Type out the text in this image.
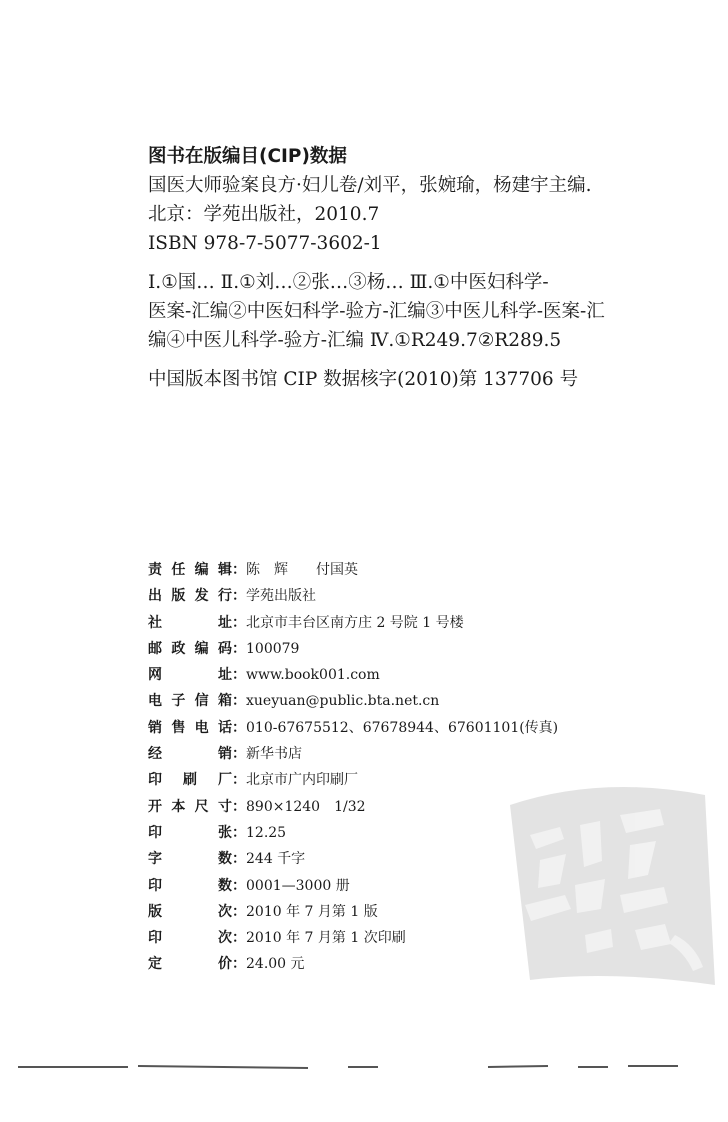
图书在版编目(CIP)数据

国医大师验案良方·妇儿卷/刘平，张婉瑜，杨建宇主编.

北京：学苑出版社，2010.7

ISBN 978-7-5077-3602-1

Ⅰ.①国… Ⅱ.①刘…②张…③杨… Ⅲ.①中医妇科学-

医案-汇编②中医妇科学-验方-汇编③中医儿科学-医案-汇

编④中医儿科学-验方-汇编 Ⅳ.①R249.7②R289.5

中国版本图书馆 CIP 数据核字(2010)第 137706 号

责 任 编 辑 ： 陈　辉　　付国英
出 版 发 行 ： 学苑出版社
社	址 ： 北京市丰台区南方庄 2 号院 1 号楼
邮 政 编 码 ： 100079
网	址 ： www.book001.com
电 子 信 箱 ： xueyuan@public.bta.net.cn
销 售 电 话 ： 010-67675512、67678944、67601101(传真)
经	销 ： 新华书店
印 刷 厂 ： 北京市广内印刷厂
开 本 尺 寸 ： 890×1240　1/32
印	张 ： 12.25
字	数 ： 244 千字
印	数 ： 0001—3000 册
版	次 ： 2010 年 7 月第 1 版
印	次 ： 2010 年 7 月第 1 次印刷
定	价 ： 24.00 元
